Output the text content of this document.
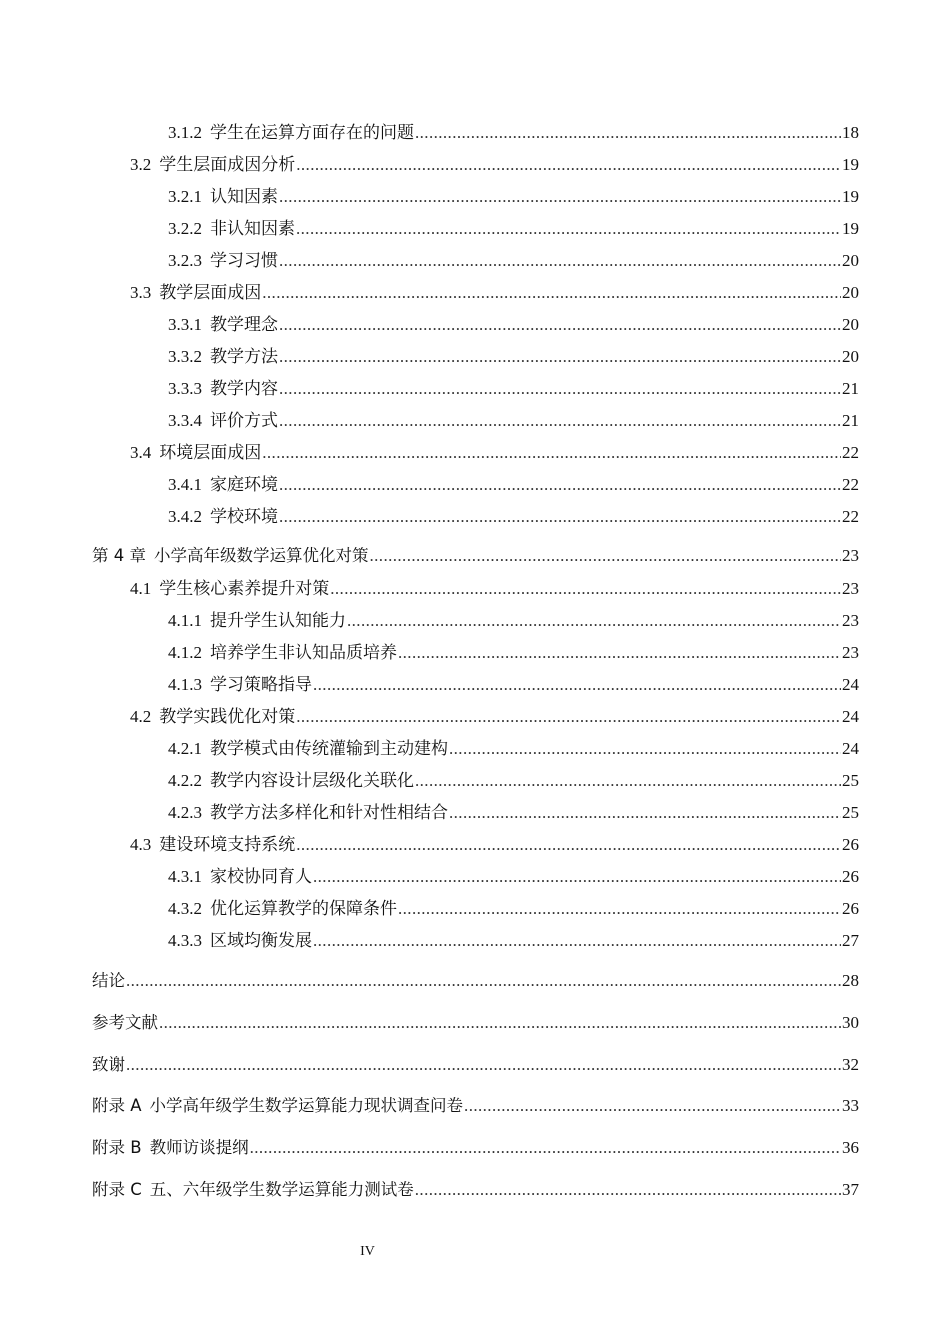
3.1.2 学生在运算方面存在的问题 .....	18
3.2 学生层面成因分析 .....	19
3.2.1 认知因素 .....	19
3.2.2 非认知因素 .....	19
3.2.3 学习习惯 .....	20
3.3 教学层面成因 .....	20
3.3.1 教学理念 .....	20
3.3.2 教学方法 .....	20
3.3.3 教学内容 .....	21
3.3.4 评价方式 .....	21
3.4 环境层面成因 .....	22
3.4.1 家庭环境 .....	22
3.4.2 学校环境 .....	22
第 4 章 小学高年级数学运算优化对策 .....	23
4.1 学生核心素养提升对策 .....	23
4.1.1 提升学生认知能力 .....	23
4.1.2 培养学生非认知品质培养 .....	23
4.1.3 学习策略指导 .....	24
4.2 教学实践优化对策 .....	24
4.2.1 教学模式由传统灌输到主动建构 .....	24
4.2.2 教学内容设计层级化关联化 .....	25
4.2.3 教学方法多样化和针对性相结合 .....	25
4.3 建设环境支持系统 .....	26
4.3.1 家校协同育人 .....	26
4.3.2 优化运算教学的保障条件 .....	26
4.3.3 区域均衡发展 .....	27
结论 .....	28
参考文献 .....	30
致谢 .....	32
附录 A 小学高年级学生数学运算能力现状调查问卷 .....	33
附录 B 教师访谈提纲 .....	36
附录 C 五、六年级学生数学运算能力测试卷 .....	37
IV
